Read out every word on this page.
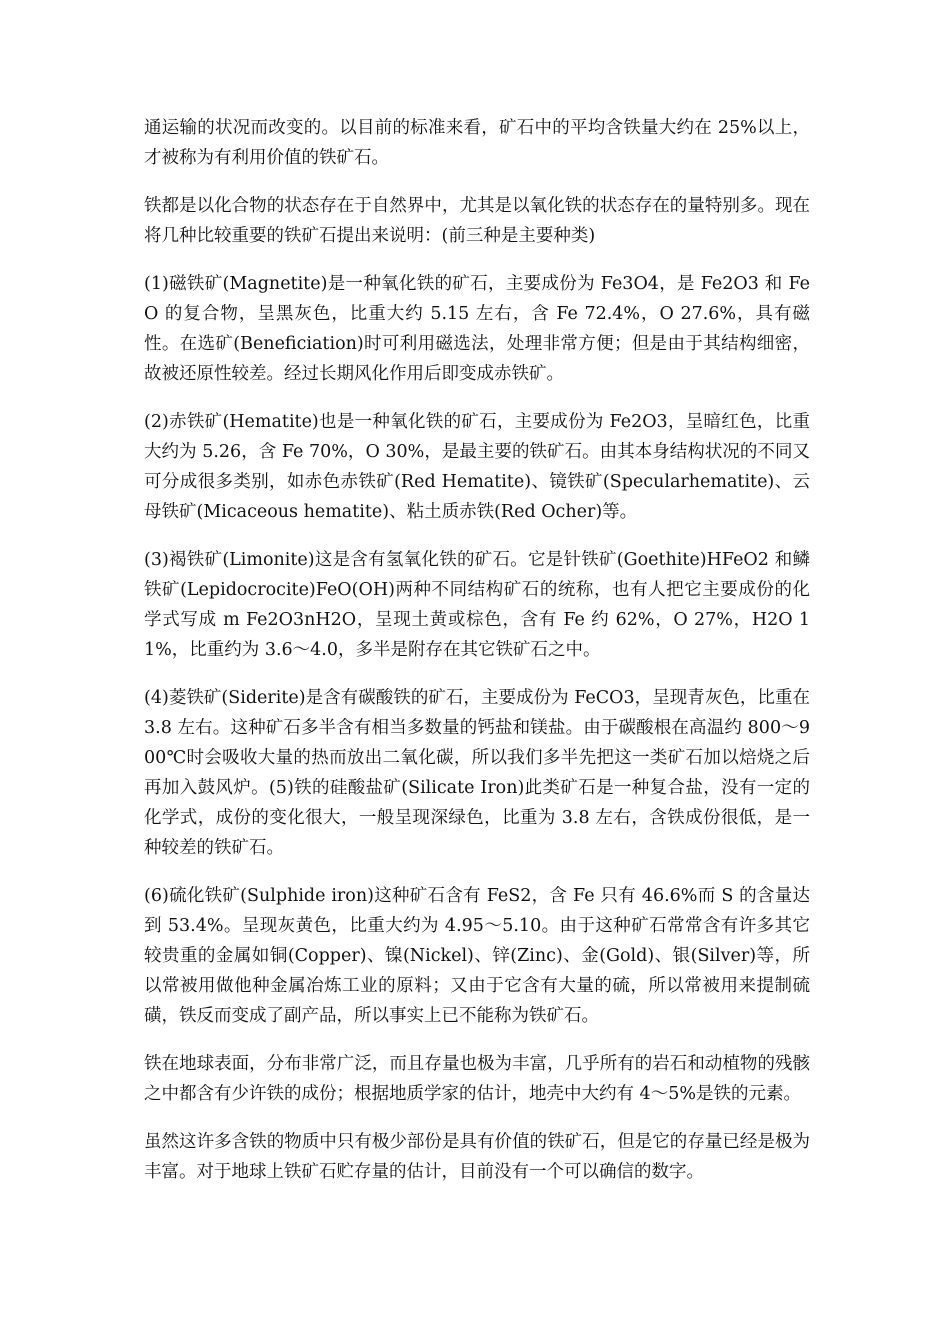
通运输的状况而改变的。以目前的标准来看，矿石中的平均含铁量大约在 25%以上，才被称为有利用价值的铁矿石。

铁都是以化合物的状态存在于自然界中，尤其是以氧化铁的状态存在的量特别多。现在将几种比较重要的铁矿石提出来说明：(前三种是主要种类)

(1)磁铁矿(Magnetite)是一种氧化铁的矿石，主要成份为 Fe3O4，是 Fe2O3 和 FeO 的复合物，呈黑灰色，比重大约 5.15 左右，含 Fe 72.4%，O 27.6%，具有磁性。在选矿(Beneficiation)时可利用磁选法，处理非常方便；但是由于其结构细密，故被还原性较差。经过长期风化作用后即变成赤铁矿。

(2)赤铁矿(Hematite)也是一种氧化铁的矿石，主要成份为 Fe2O3，呈暗红色，比重大约为 5.26，含 Fe 70%，O 30%，是最主要的铁矿石。由其本身结构状况的不同又可分成很多类别，如赤色赤铁矿(Red Hematite)、镜铁矿(Specularhematite)、云母铁矿(Micaceous hematite)、粘土质赤铁(Red Ocher)等。

(3)褐铁矿(Limonite)这是含有氢氧化铁的矿石。它是针铁矿(Goethite)HFeO2 和鳞铁矿(Lepidocrocite)FeO(OH)两种不同结构矿石的统称，也有人把它主要成份的化学式写成 m Fe2O3nH2O，呈现土黄或棕色，含有 Fe 约 62%，O 27%，H2O 11%，比重约为 3.6～4.0，多半是附存在其它铁矿石之中。

(4)菱铁矿(Siderite)是含有碳酸铁的矿石，主要成份为 FeCO3，呈现青灰色，比重在 3.8 左右。这种矿石多半含有相当多数量的钙盐和镁盐。由于碳酸根在高温约 800～900℃时会吸收大量的热而放出二氧化碳，所以我们多半先把这一类矿石加以焙烧之后再加入鼓风炉。(5)铁的硅酸盐矿(Silicate Iron)此类矿石是一种复合盐，没有一定的化学式，成份的变化很大，一般呈现深绿色，比重为 3.8 左右，含铁成份很低，是一种较差的铁矿石。

(6)硫化铁矿(Sulphide iron)这种矿石含有 FeS2，含 Fe 只有 46.6%而 S 的含量达到 53.4%。呈现灰黄色，比重大约为 4.95～5.10。由于这种矿石常常含有许多其它较贵重的金属如铜(Copper)、镍(Nickel)、锌(Zinc)、金(Gold)、银(Silver)等，所以常被用做他种金属冶炼工业的原料；又由于它含有大量的硫，所以常被用来提制硫磺，铁反而变成了副产品，所以事实上已不能称为铁矿石。

铁在地球表面，分布非常广泛，而且存量也极为丰富，几乎所有的岩石和动植物的残骸之中都含有少许铁的成份；根据地质学家的估计，地壳中大约有 4～5%是铁的元素。

虽然这许多含铁的物质中只有极少部份是具有价值的铁矿石，但是它的存量已经是极为丰富。对于地球上铁矿石贮存量的估计，目前没有一个可以确信的数字。
